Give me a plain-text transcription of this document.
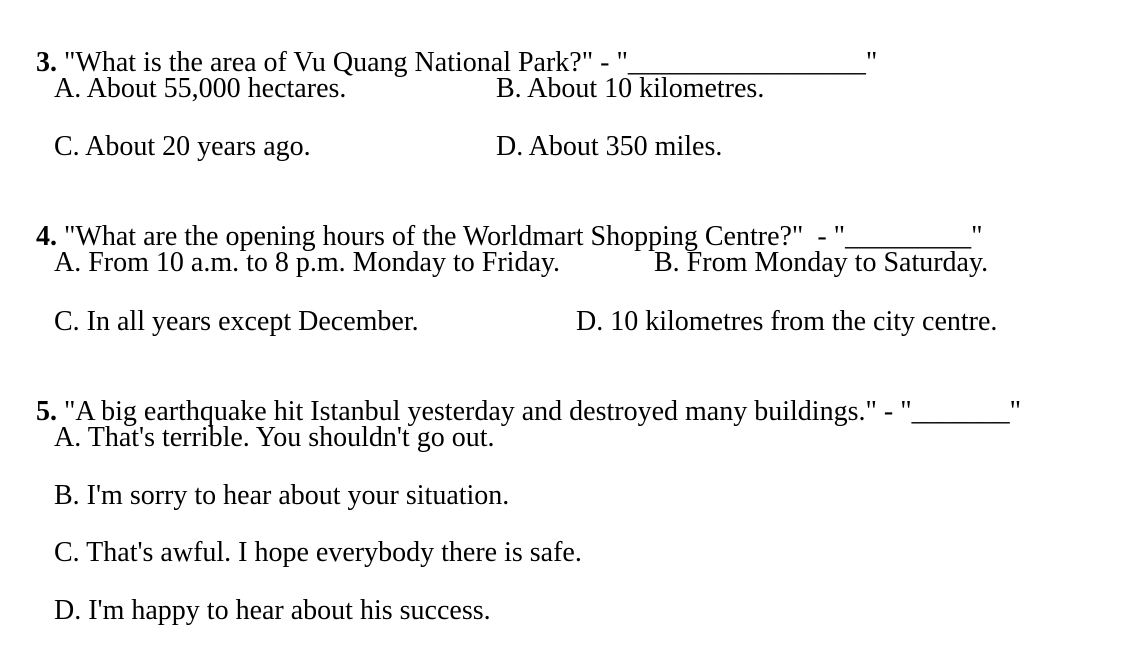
3. "What is the area of Vu Quang National Park?" - "_________________"

A. About 55,000 hectares.	B. About 10 kilometres.
C. About 20 years ago.	D. About 350 miles.

4. "What are the opening hours of the Worldmart Shopping Centre?"  - "_________"

A. From 10 a.m. to 8 p.m. Monday to Friday.	B. From Monday to Saturday.
C. In all years except December.	D. 10 kilometres from the city centre.

5. "A big earthquake hit Istanbul yesterday and destroyed many buildings." - "_______"

A. That's terrible. You shouldn't go out.
B. I'm sorry to hear about your situation.
C. That's awful. I hope everybody there is safe.
D. I'm happy to hear about his success.
